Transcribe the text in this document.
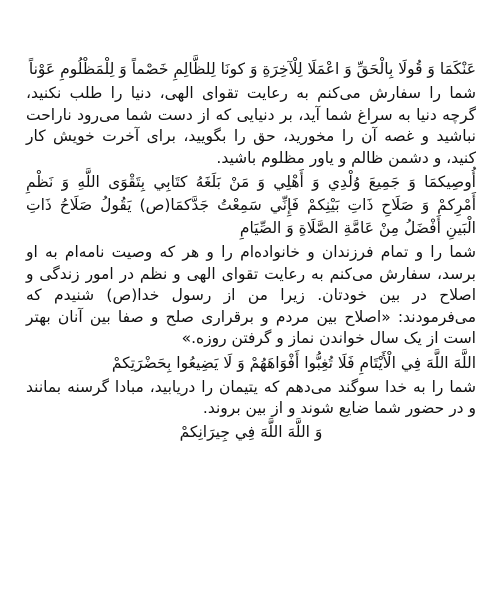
عَنْكَمَا وَ قُولَا بِالْحَقِّ وَ اعْمَلَا لِلْآخِرَةِ وَ كونَا لِلظَّالِمِ خَصْماً وَ لِلْمَظْلُومِ عَوْناً

شما را سفارش می‌کنم به رعایت تقوای الهی، دنیا را طلب نکنید، گرچه دنیا به سراغ شما آید، بر دنیایی که از دست شما می‌رود ناراحت نباشید و غصه آن را مخورید، حق را بگویید، برای آخرت خویش کار کنید، و دشمن ظالم و یاور مظلوم باشید.

أُوصِيكمَا وَ جَمِيعَ وُلْدِي وَ أَهْلِي وَ مَنْ بَلَغَهُ كتَابِي بِتَقْوَى اللَّهِ وَ نَظْمِ أَمْرِكمْ وَ صَلَاحِ ذَاتِ بَيْنِكمْ فَإِنِّي سَمِعْتُ جَدَّكمَا(ص) يَقُولُ صَلَاحُ ذَاتِ الْبَينِ أَفْضَلُ مِنْ عَامَّةِ الصَّلَاةِ وَ الصِّيَامِ

شما را و تمام فرزندان و خانواده‌ام را و هر که وصیت نامه‌ام به او برسد، سفارش می‌کنم به رعایت تقوای الهی و نظم در امور زندگی و اصلاح در بین خودتان. زیرا من از رسول خدا(ص) شنیدم که می‌فرمودند: «اصلاح بین مردم و برقراری صلح و صفا بین آنان بهتر است از یک سال خواندن نماز و گرفتن روزه.»

اللَّهَ اللَّهَ فِي الْأَيْتَامِ فَلَا تُغِبُّوا أَفْوَاهَهُمْ وَ لَا يَضِيعُوا بِحَضْرَتِكمْ

شما را به خدا سوگند می‌دهم که یتیمان را دریابید، مبادا گرسنه بمانند و در حضور شما ضایع شوند و از بین بروند.

وَ اللَّهَ اللَّهَ فِي جِيرَانِكمْ
